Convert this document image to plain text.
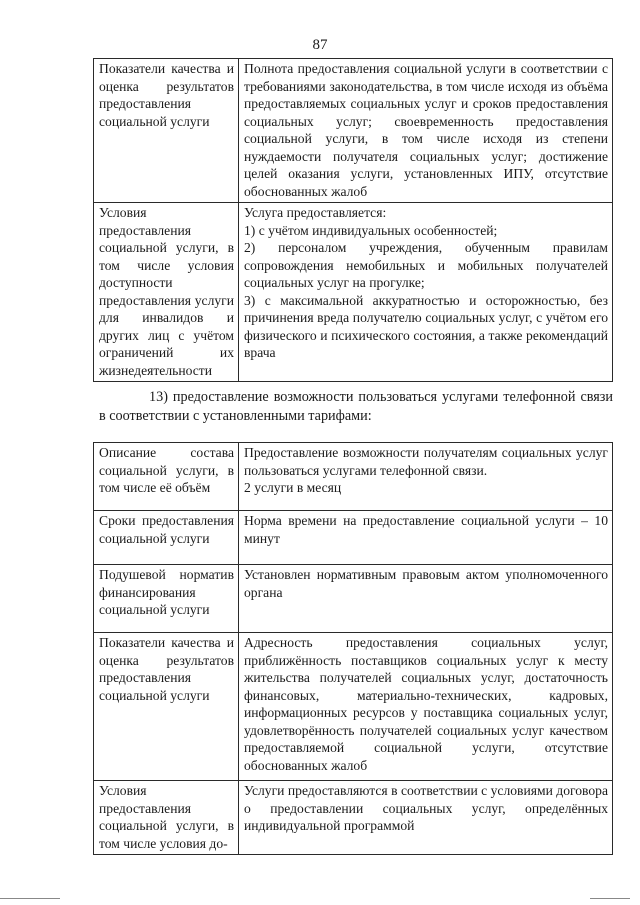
87
Показатели качества и оценка результатов предоставления социальной услуги	Полнота предоставления социальной услуги в соответствии с требованиями законодательства, в том числе исходя из объёма предоставляемых социальных услуг и сроков предоставления социальных услуг; своевременность предоставления социальной услуги, в том числе исходя из степени нуждаемости получателя социальных услуг; достижение целей оказания услуги, установленных ИПУ, отсутствие обоснованных жалоб

Условия предоставления социальной услуги, в том числе условия доступности предоставления услуги для инвалидов и других лиц с учётом ограничений их жизнедеятельности	Услуга предоставляется:
1) с учётом индивидуальных особенностей;
2) персоналом учреждения, обученным правилам сопровождения немобильных и мобильных получателей социальных услуг на прогулке;
3) с максимальной аккуратностью и осторожностью, без причинения вреда получателю социальных услуг, с учётом его физического и психического состояния, а также рекомендаций врача
13) предоставление возможности пользоваться услугами телефонной связи в соответствии с установленными тарифами:
Описание состава социальной услуги, в том числе её объём	Предоставление возможности получателям социальных услуг пользоваться услугами телефонной связи.
2 услуги в месяц

Сроки предоставления социальной услуги	Норма времени на предоставление социальной услуги – 10 минут

Подушевой норматив финансирования социальной услуги	Установлен нормативным правовым актом уполномоченного органа

Показатели качества и оценка результатов предоставления социальной услуги	Адресность предоставления социальных услуг, приближённость поставщиков социальных услуг к месту жительства получателей социальных услуг, достаточность финансовых, материально-технических, кадровых, информационных ресурсов у поставщика социальных услуг, удовлетворённость получателей социальных услуг качеством предоставляемой социальной услуги, отсутствие обоснованных жалоб

Условия предоставления социальной услуги, в том числе условия до-	Услуги предоставляются в соответствии с условиями договора о предоставлении социальных услуг, определённых индивидуальной программой
